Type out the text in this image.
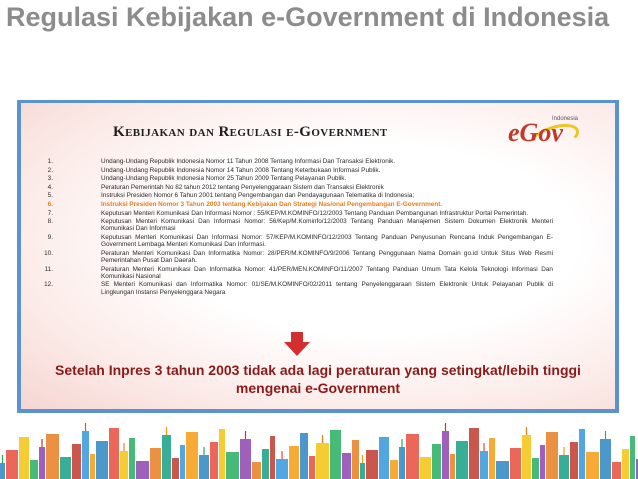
Regulasi Kebijakan e-Government di Indonesia
Kebijakan dan Regulasi e-Government	eGov
Indonesia
1.	Undang-Undang Republik Indonesia Nomor 11 Tahun 2008 Tentang Informasi Dan Transaksi Elektronik.
2.	Undang-Undang Republik Indonesia Nomor 14 Tahun 2008 Tentang Keterbukaan Informasi Publik.
3.	Undang-Undang Republik Indonesia Nomor 25 Tahun 2009 Tentang Pelayanan Publik.
4.	Peraturan Pemerintah No 82 tahun 2012 tentang Penyelenggaraan Sistem dan Transaksi Elektronik
5.	Instruksi Presiden Nomor 6 Tahun 2001 tentang Pengembangan dan Pendayagunaan Telematika di Indonesia;
6.	Instruksi Presiden Nomor 3 Tahun 2003 tentang Kebijakan Dan Strategi Nasional Pengembangan E-Government.
7.	Keputusan Menteri Komunikasi Dan Informasi Nomor : 55/KEP/M.KOMINFO/12/2003 Tentang Panduan Pembangunan Infrastruktur Portal Pemerintah.
8.	Keputusan Menteri Komunikasi Dan Informasi Nomor: 56/Kep/M.Kominfo/12/2003 Tentang Panduan Manajemen Sistem Dokumen Elektronik Menteri Komunikasi Dan Informasi
9.	Keputusan Menteri Komunikasi Dan Informasi Nomor: 57/KEP/M.KOMINFO/12/2003 Tentang Panduan Penyusunan Rencana Induk Pengembangan E-Government Lembaga Menteri Komunikasi Dan Informasi.
10.	Peraturan Menteri Komunikasi Dan Informatika Nomor: 28/PER/M.KOMINFO/9/2006 Tentang Penggunaan Nama Domain go.id Untuk Situs Web Resmi Pemerintahan Pusat Dan Daerah.
11.	Peraturan Menteri Komunikasi Dan Informatika Nomor: 41/PER/MEN.KOMINFO/11/2007 Tentang Panduan Umum Tata Kelola Teknologi Informasi Dan Komunikasi Nasional
12.	SE Menteri Komunikasi dan Informatika Nomor: 01/SE/M.KOMINFO/02/2011 tentang Penyelenggaraan Sistem Elektronik Untuk Pelayanan Publik di Lingkungan Instansi Penyelenggara Negara

Setelah Inpres 3 tahun 2003 tidak ada lagi peraturan yang setingkat/lebih tinggi mengenai e-Government
